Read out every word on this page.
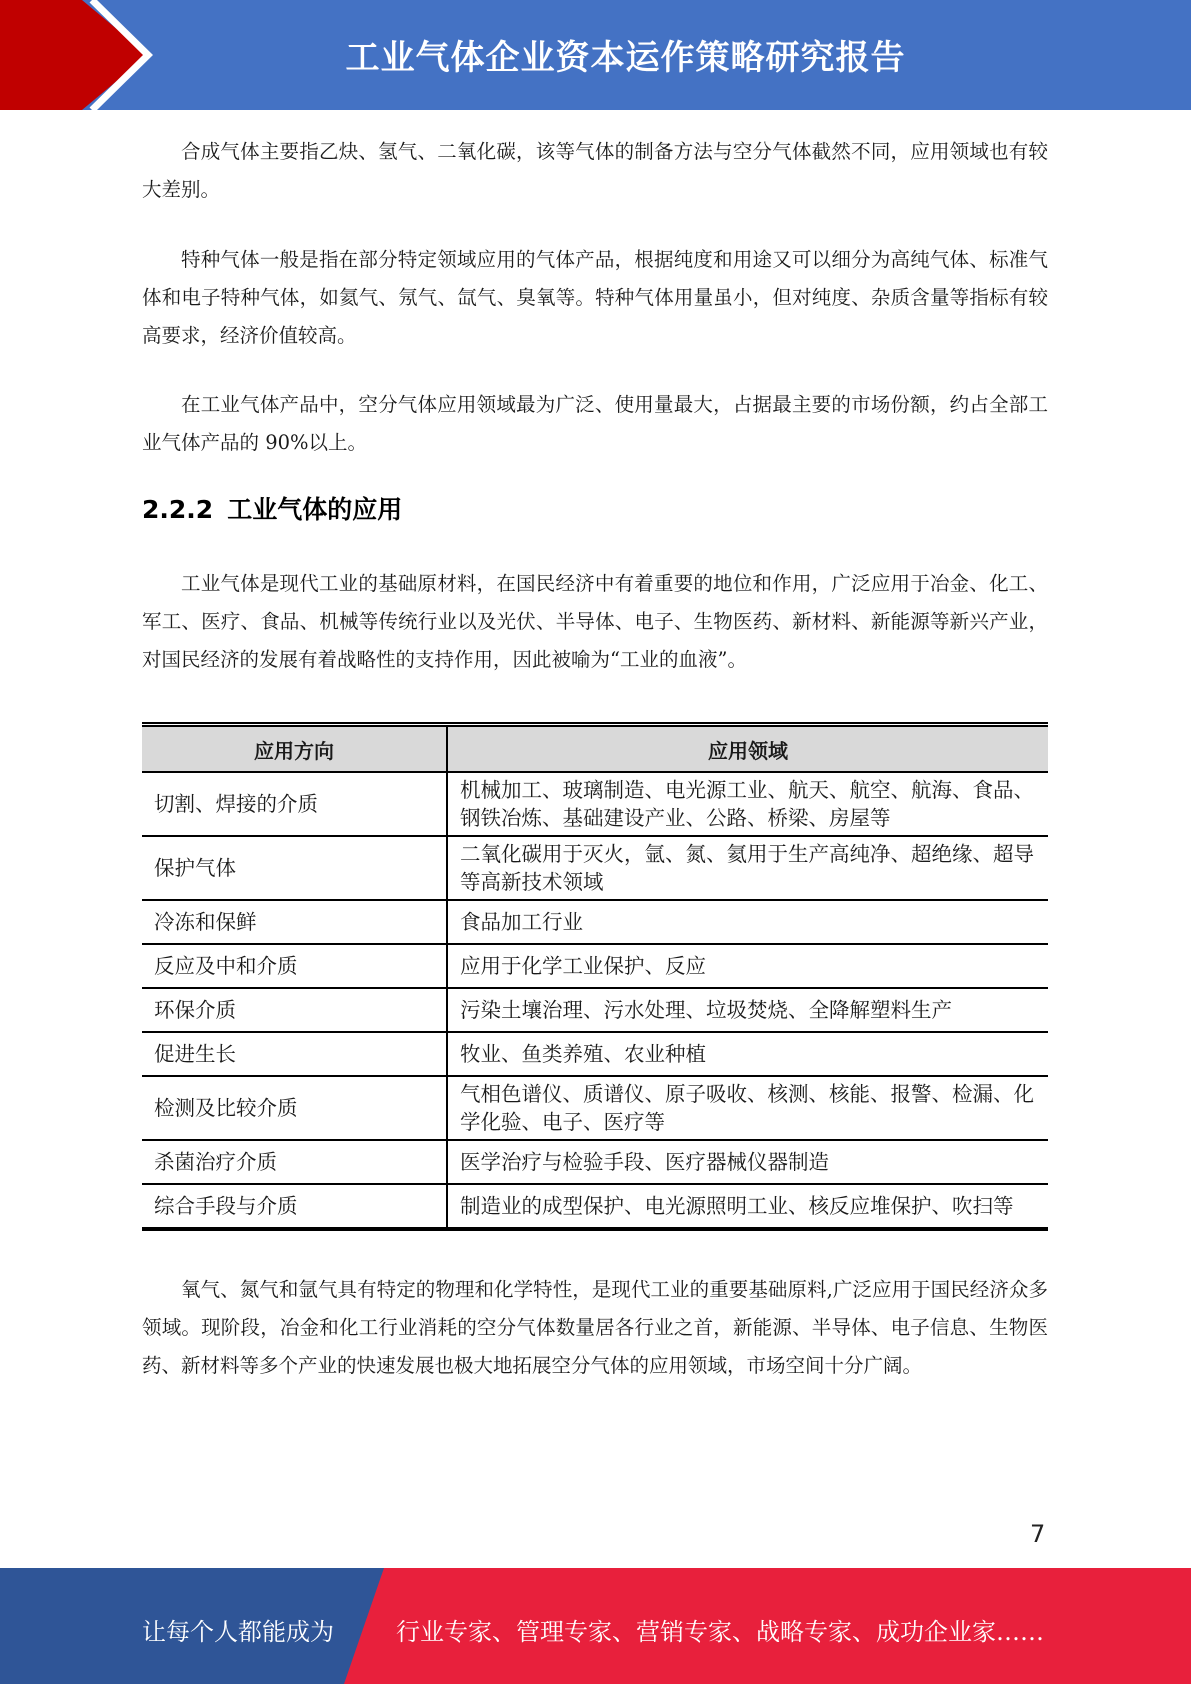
工业气体企业资本运作策略研究报告

合成气体主要指乙炔、氢气、二氧化碳，该等气体的制备方法与空分气体截然不同，应用领域也有较大差别。

特种气体一般是指在部分特定领域应用的气体产品，根据纯度和用途又可以细分为高纯气体、标准气体和电子特种气体，如氦气、氖气、氙气、臭氧等。特种气体用量虽小，但对纯度、杂质含量等指标有较高要求，经济价值较高。

在工业气体产品中，空分气体应用领域最为广泛、使用量最大，占据最主要的市场份额，约占全部工业气体产品的 90%以上。

2.2.2 工业气体的应用

工业气体是现代工业的基础原材料，在国民经济中有着重要的地位和作用，广泛应用于冶金、化工、军工、医疗、食品、机械等传统行业以及光伏、半导体、电子、生物医药、新材料、新能源等新兴产业，对国民经济的发展有着战略性的支持作用，因此被喻为“工业的血液”。

应用方向	应用领域
切割、焊接的介质	机械加工、玻璃制造、电光源工业、航天、航空、航海、食品、钢铁冶炼、基础建设产业、公路、桥梁、房屋等
保护气体	二氧化碳用于灭火，氩、氮、氦用于生产高纯净、超绝缘、超导等高新技术领域
冷冻和保鲜	食品加工行业
反应及中和介质	应用于化学工业保护、反应
环保介质	污染土壤治理、污水处理、垃圾焚烧、全降解塑料生产
促进生长	牧业、鱼类养殖、农业种植
检测及比较介质	气相色谱仪、质谱仪、原子吸收、核测、核能、报警、检漏、化学化验、电子、医疗等
杀菌治疗介质	医学治疗与检验手段、医疗器械仪器制造
综合手段与介质	制造业的成型保护、电光源照明工业、核反应堆保护、吹扫等

氧气、氮气和氩气具有特定的物理和化学特性，是现代工业的重要基础原料,广泛应用于国民经济众多领域。现阶段，冶金和化工行业消耗的空分气体数量居各行业之首，新能源、半导体、电子信息、生物医药、新材料等多个产业的快速发展也极大地拓展空分气体的应用领域，市场空间十分广阔。

7
让每个人都能成为	行业专家、管理专家、营销专家、战略专家、成功企业家……
